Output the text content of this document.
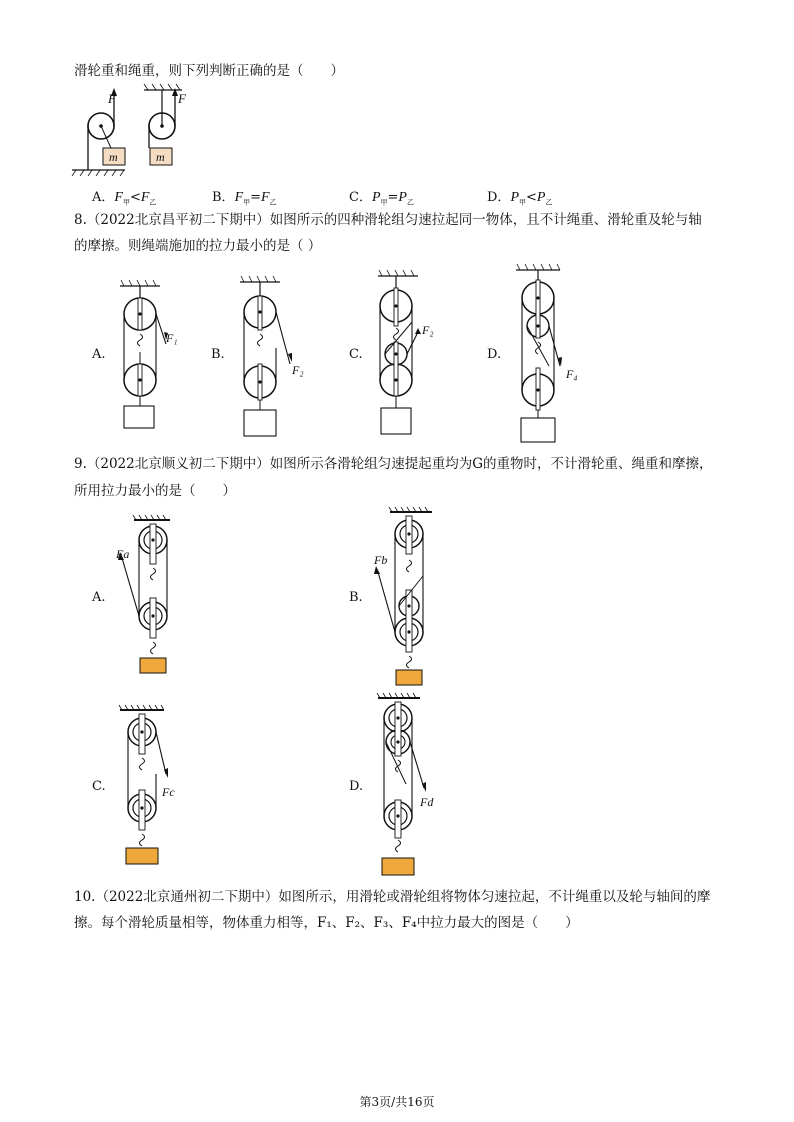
滑轮重和绳重，则下列判断正确的是（　　）
m
F
m
F
A．$F_甲<F_乙$	B．$F_甲=F_乙$	C．$P_甲=P_乙$	D．$P_甲<P_乙$
8.（2022北京昌平初二下期中）如图所示的四种滑轮组匀速拉起同一物体，且不计绳重、滑轮重及轮与轴
的摩擦。则绳端施加的拉力最小的是（ ）
A.
F₁
B.
F₂
C.
F₂
D.
F₄
9.（2022北京顺义初二下期中）如图所示各滑轮组匀速提起重均为G的重物时，不计滑轮重、绳重和摩擦，
所用拉力最小的是（　　）
A.
Fa
B.
Fb
C.	Fc	D.
Fd
10.（2022北京通州初二下期中）如图所示，用滑轮或滑轮组将物体匀速拉起，不计绳重以及轮与轴间的摩
擦。每个滑轮质量相等，物体重力相等，F₁、F₂、F₃、F₄中拉力最大的图是（　　）
第3页/共16页
